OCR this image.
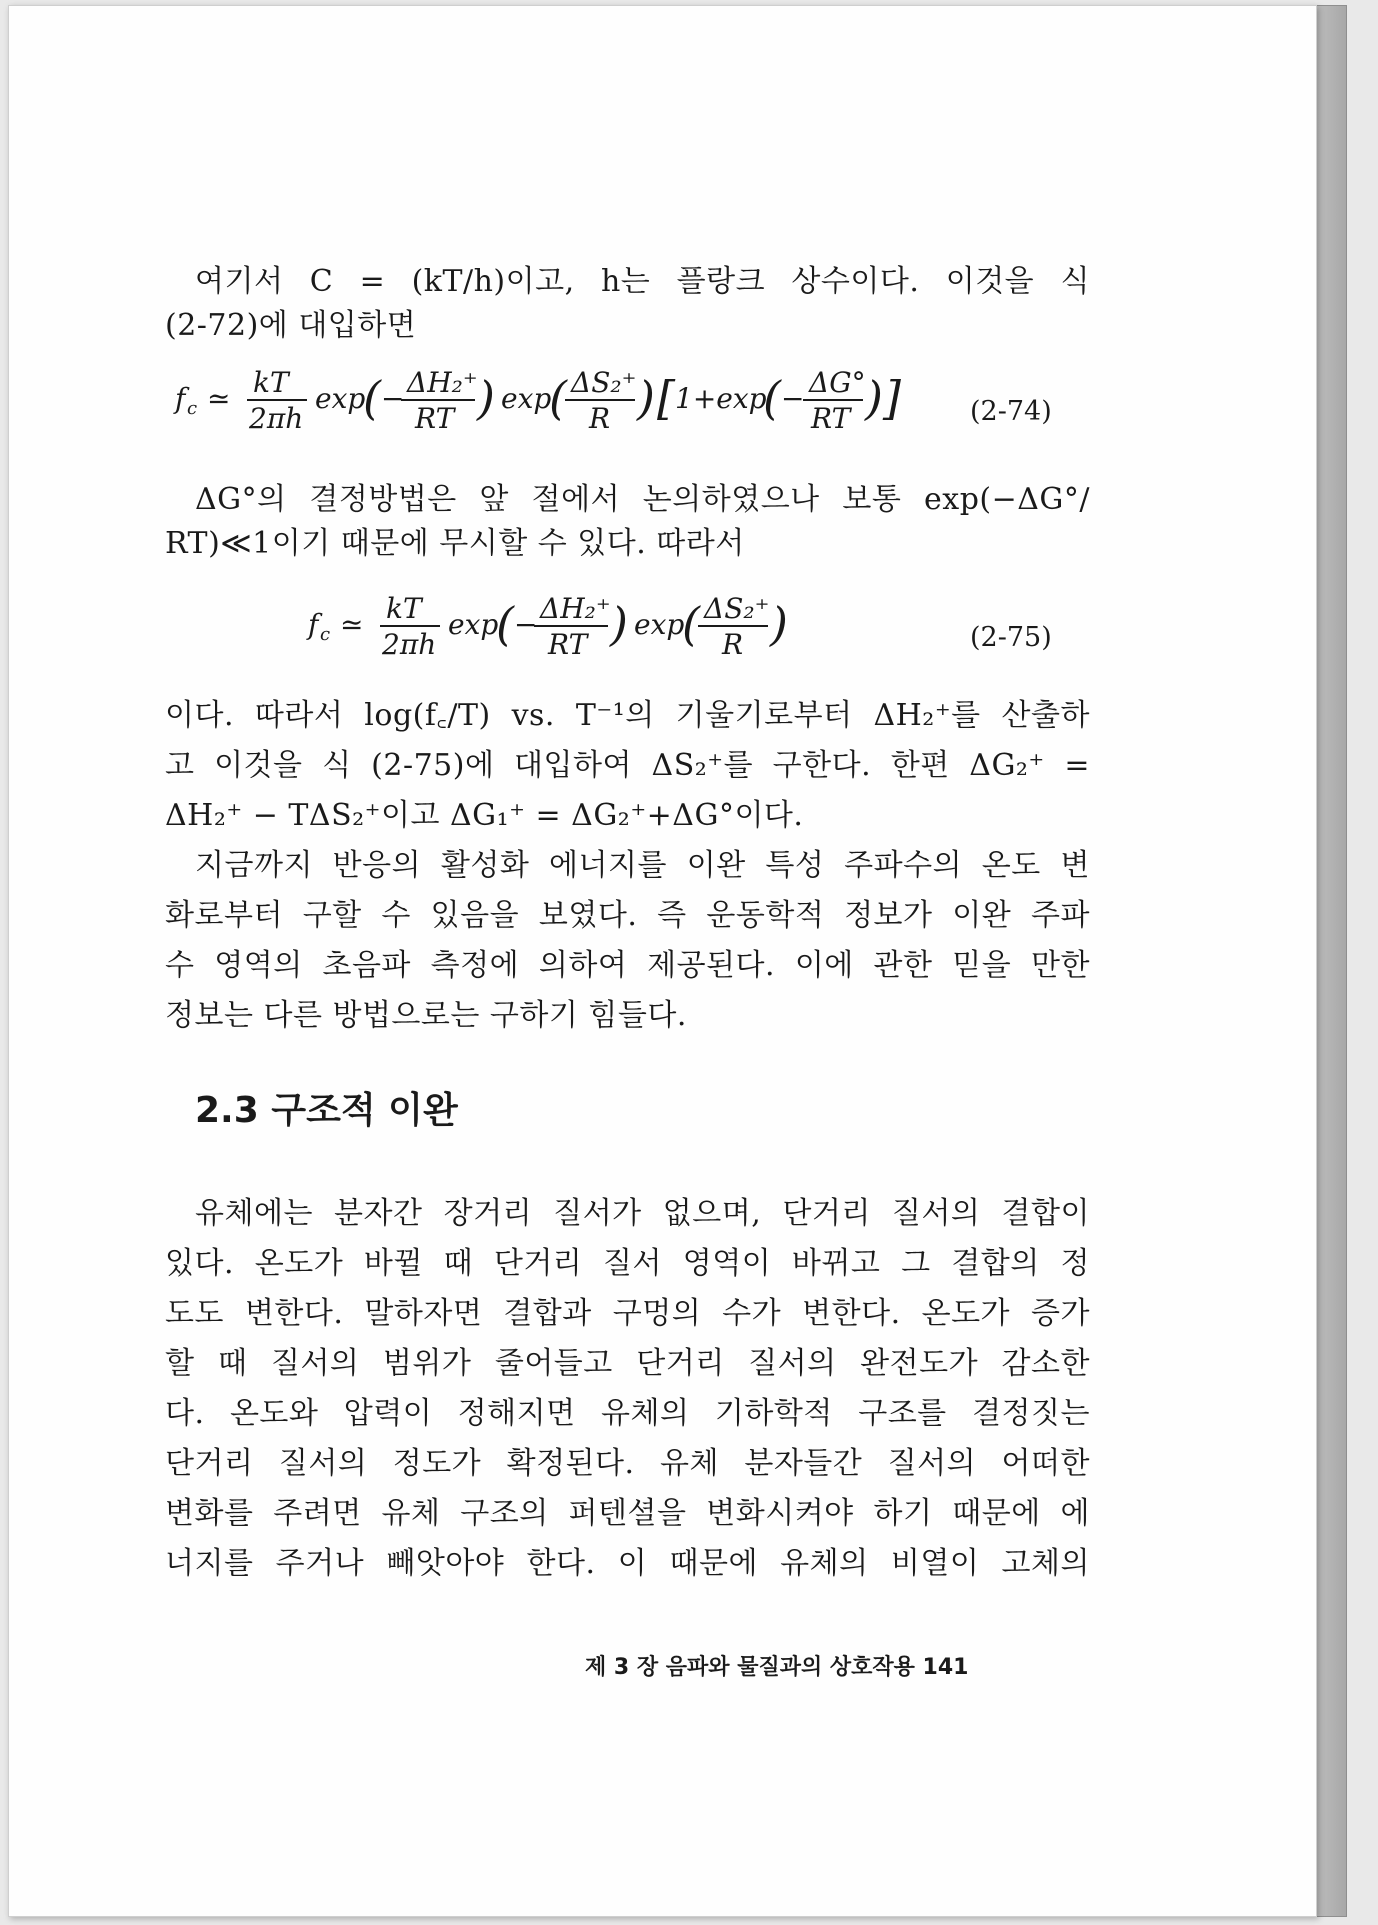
여기서 C = (kT/h)이고, h는 플랑크 상수이다. 이것을 식
(2-72)에 대입하면
f c ≃ kT
2πh
exp
( − ΔH₂⁺
RT ) exp
( ΔS₂⁺
R ) [ 1+exp
( − ΔG°
RT ) ]	(2-74)
ΔG°의 결정방법은 앞 절에서 논의하였으나 보통 exp(−ΔG°/
RT)≪1이기 때문에 무시할 수 있다. 따라서
f c ≃ kT
2πh
exp
( − ΔH₂⁺
RT ) exp
( ΔS₂⁺
R )	(2-75)
이다. 따라서 log(f꜀/T) vs. T⁻¹의 기울기로부터 ΔH₂⁺를 산출하
고 이것을 식 (2-75)에 대입하여 ΔS₂⁺를 구한다. 한편 ΔG₂⁺ =
ΔH₂⁺ − TΔS₂⁺이고 ΔG₁⁺ = ΔG₂⁺+ΔG°이다.
지금까지 반응의 활성화 에너지를 이완 특성 주파수의 온도 변
화로부터 구할 수 있음을 보였다. 즉 운동학적 정보가 이완 주파
수 영역의 초음파 측정에 의하여 제공된다. 이에 관한 믿을 만한
정보는 다른 방법으로는 구하기 힘들다.
2.3 구조적 이완
유체에는 분자간 장거리 질서가 없으며, 단거리 질서의 결합이
있다. 온도가 바뀔 때 단거리 질서 영역이 바뀌고 그 결합의 정
도도 변한다. 말하자면 결합과 구멍의 수가 변한다. 온도가 증가
할 때 질서의 범위가 줄어들고 단거리 질서의 완전도가 감소한
다. 온도와 압력이 정해지면 유체의 기하학적 구조를 결정짓는
단거리 질서의 정도가 확정된다. 유체 분자들간 질서의 어떠한
변화를 주려면 유체 구조의 퍼텐셜을 변화시켜야 하기 때문에 에
너지를 주거나 빼앗아야 한다. 이 때문에 유체의 비열이 고체의
제 3 장 음파와 물질과의 상호작용 141
